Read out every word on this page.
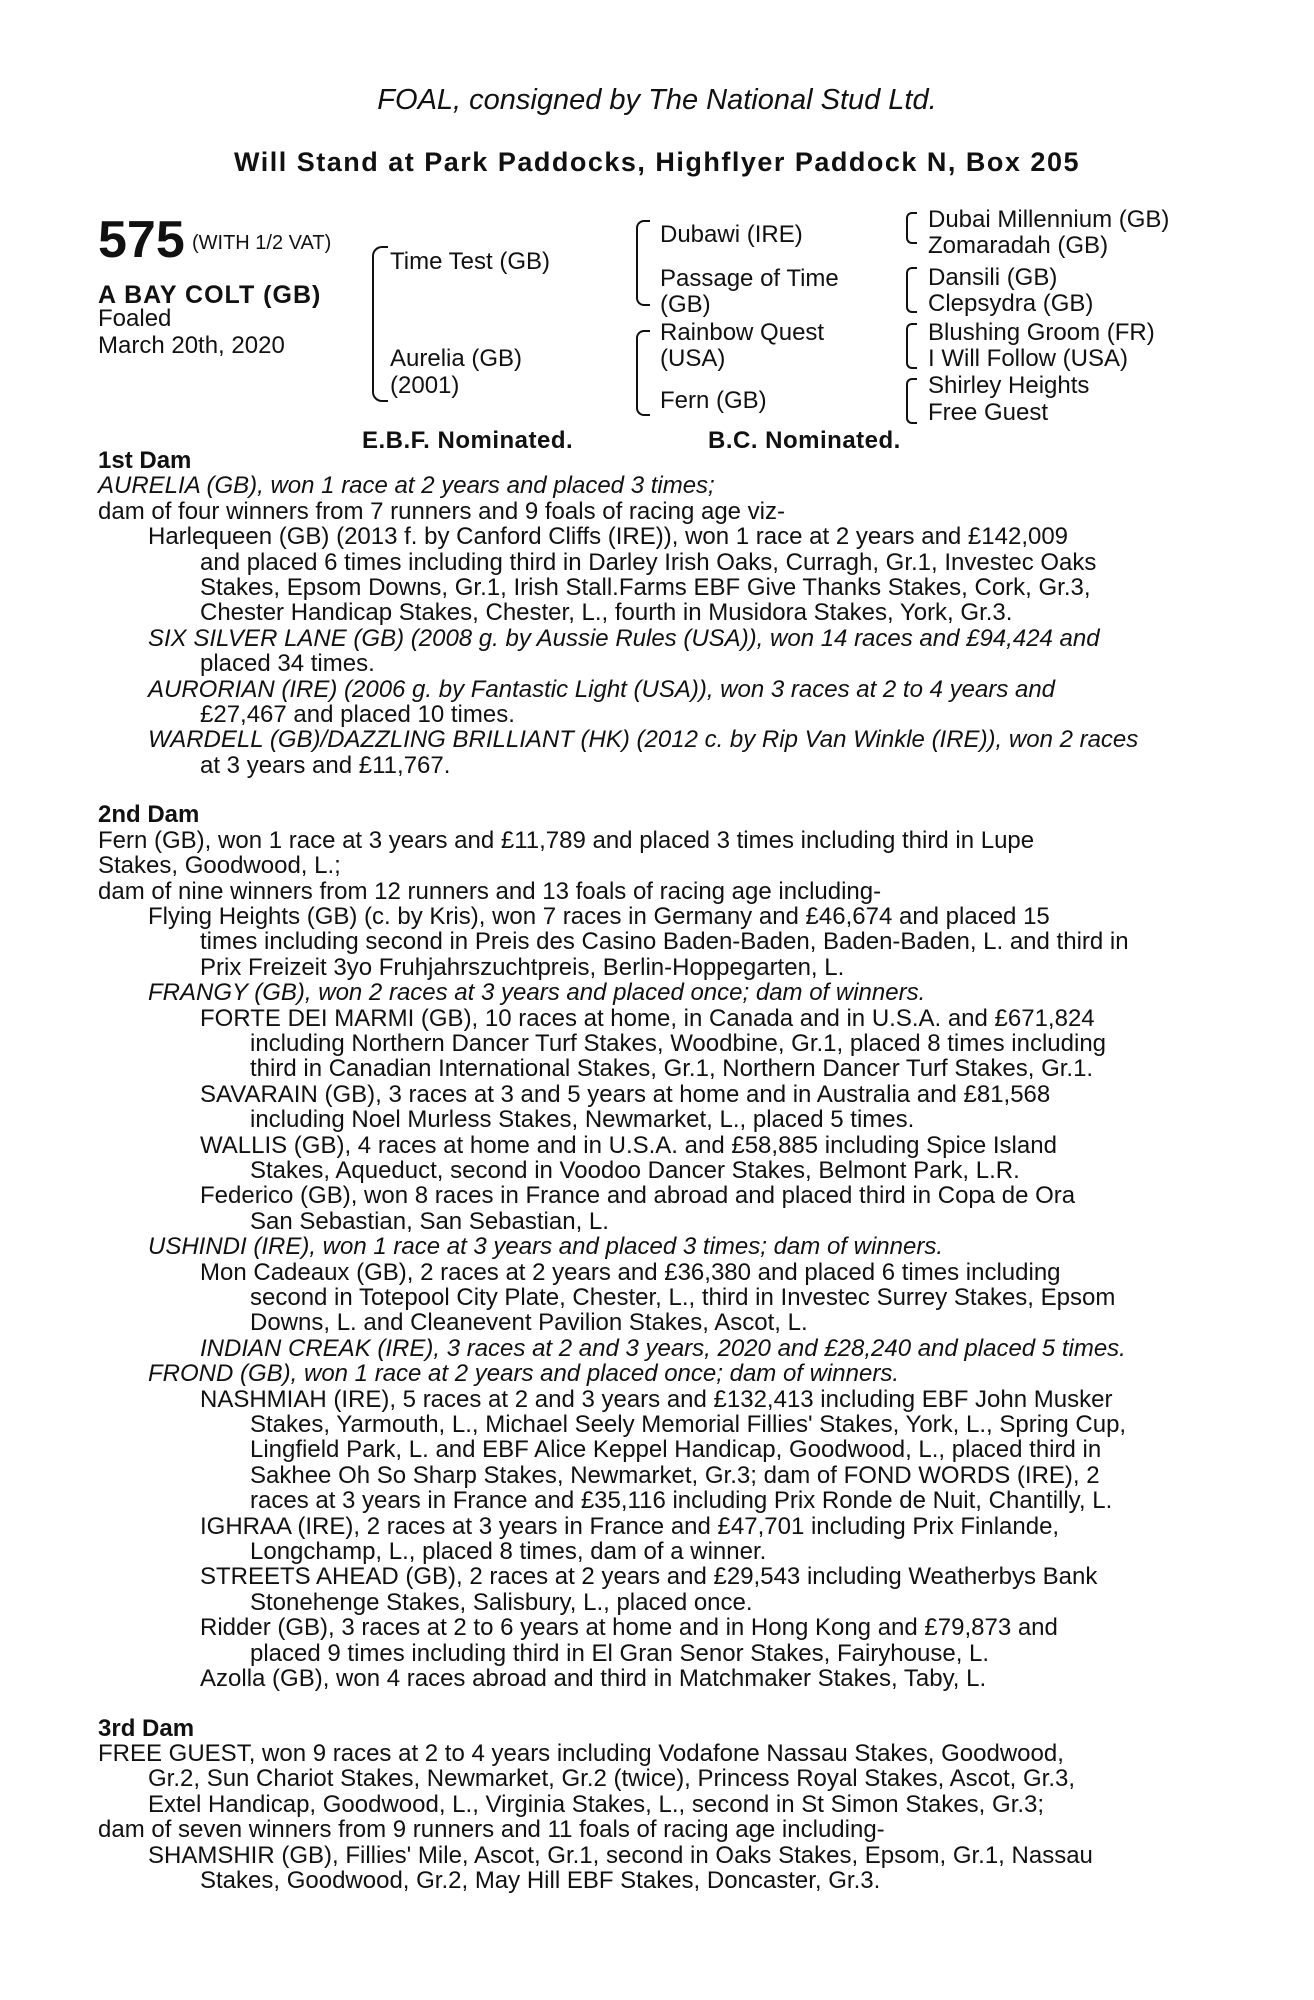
FOAL, consigned by The National Stud Ltd.
Will Stand at Park Paddocks, Highflyer Paddock N, Box 205
575 (WITH 1/2 VAT)
A BAY COLT (GB)
Foaled
March 20th, 2020
Time Test (GB)
Aurelia (GB)
(2001)
Dubawi (IRE)
Passage of Time
(GB)
Rainbow Quest
(USA)
Fern (GB)
Dubai Millennium (GB)
Zomaradah (GB)
Dansili (GB)
Clepsydra (GB)
Blushing Groom (FR)
I Will Follow (USA)
Shirley Heights
Free Guest
E.B.F. Nominated.	B.C. Nominated.
1st Dam
AURELIA (GB), won 1 race at 2 years and placed 3 times;
dam of four winners from 7 runners and 9 foals of racing age viz-
Harlequeen (GB) (2013 f. by Canford Cliffs (IRE)), won 1 race at 2 years and £142,009
and placed 6 times including third in Darley Irish Oaks, Curragh, Gr.1, Investec Oaks
Stakes, Epsom Downs, Gr.1, Irish Stall.Farms EBF Give Thanks Stakes, Cork, Gr.3,
Chester Handicap Stakes, Chester, L., fourth in Musidora Stakes, York, Gr.3.
SIX SILVER LANE (GB) (2008 g. by Aussie Rules (USA)), won 14 races and £94,424 and
placed 34 times.
AURORIAN (IRE) (2006 g. by Fantastic Light (USA)), won 3 races at 2 to 4 years and
£27,467 and placed 10 times.
WARDELL (GB)/DAZZLING BRILLIANT (HK) (2012 c. by Rip Van Winkle (IRE)), won 2 races
at 3 years and £11,767.
2nd Dam
Fern (GB), won 1 race at 3 years and £11,789 and placed 3 times including third in Lupe
Stakes, Goodwood, L.;
dam of nine winners from 12 runners and 13 foals of racing age including-
Flying Heights (GB) (c. by Kris), won 7 races in Germany and £46,674 and placed 15
times including second in Preis des Casino Baden-Baden, Baden-Baden, L. and third in
Prix Freizeit 3yo Fruhjahrszuchtpreis, Berlin-Hoppegarten, L.
FRANGY (GB), won 2 races at 3 years and placed once; dam of winners.
FORTE DEI MARMI (GB), 10 races at home, in Canada and in U.S.A. and £671,824
including Northern Dancer Turf Stakes, Woodbine, Gr.1, placed 8 times including
third in Canadian International Stakes, Gr.1, Northern Dancer Turf Stakes, Gr.1.
SAVARAIN (GB), 3 races at 3 and 5 years at home and in Australia and £81,568
including Noel Murless Stakes, Newmarket, L., placed 5 times.
WALLIS (GB), 4 races at home and in U.S.A. and £58,885 including Spice Island
Stakes, Aqueduct, second in Voodoo Dancer Stakes, Belmont Park, L.R.
Federico (GB), won 8 races in France and abroad and placed third in Copa de Ora
San Sebastian, San Sebastian, L.
USHINDI (IRE), won 1 race at 3 years and placed 3 times; dam of winners.
Mon Cadeaux (GB), 2 races at 2 years and £36,380 and placed 6 times including
second in Totepool City Plate, Chester, L., third in Investec Surrey Stakes, Epsom
Downs, L. and Cleanevent Pavilion Stakes, Ascot, L.
INDIAN CREAK (IRE), 3 races at 2 and 3 years, 2020 and £28,240 and placed 5 times.
FROND (GB), won 1 race at 2 years and placed once; dam of winners.
NASHMIAH (IRE), 5 races at 2 and 3 years and £132,413 including EBF John Musker
Stakes, Yarmouth, L., Michael Seely Memorial Fillies' Stakes, York, L., Spring Cup,
Lingfield Park, L. and EBF Alice Keppel Handicap, Goodwood, L., placed third in
Sakhee Oh So Sharp Stakes, Newmarket, Gr.3; dam of FOND WORDS (IRE), 2
races at 3 years in France and £35,116 including Prix Ronde de Nuit, Chantilly, L.
IGHRAA (IRE), 2 races at 3 years in France and £47,701 including Prix Finlande,
Longchamp, L., placed 8 times, dam of a winner.
STREETS AHEAD (GB), 2 races at 2 years and £29,543 including Weatherbys Bank
Stonehenge Stakes, Salisbury, L., placed once.
Ridder (GB), 3 races at 2 to 6 years at home and in Hong Kong and £79,873 and
placed 9 times including third in El Gran Senor Stakes, Fairyhouse, L.
Azolla (GB), won 4 races abroad and third in Matchmaker Stakes, Taby, L.
3rd Dam
FREE GUEST, won 9 races at 2 to 4 years including Vodafone Nassau Stakes, Goodwood,
Gr.2, Sun Chariot Stakes, Newmarket, Gr.2 (twice), Princess Royal Stakes, Ascot, Gr.3,
Extel Handicap, Goodwood, L., Virginia Stakes, L., second in St Simon Stakes, Gr.3;
dam of seven winners from 9 runners and 11 foals of racing age including-
SHAMSHIR (GB), Fillies' Mile, Ascot, Gr.1, second in Oaks Stakes, Epsom, Gr.1, Nassau
Stakes, Goodwood, Gr.2, May Hill EBF Stakes, Doncaster, Gr.3.
